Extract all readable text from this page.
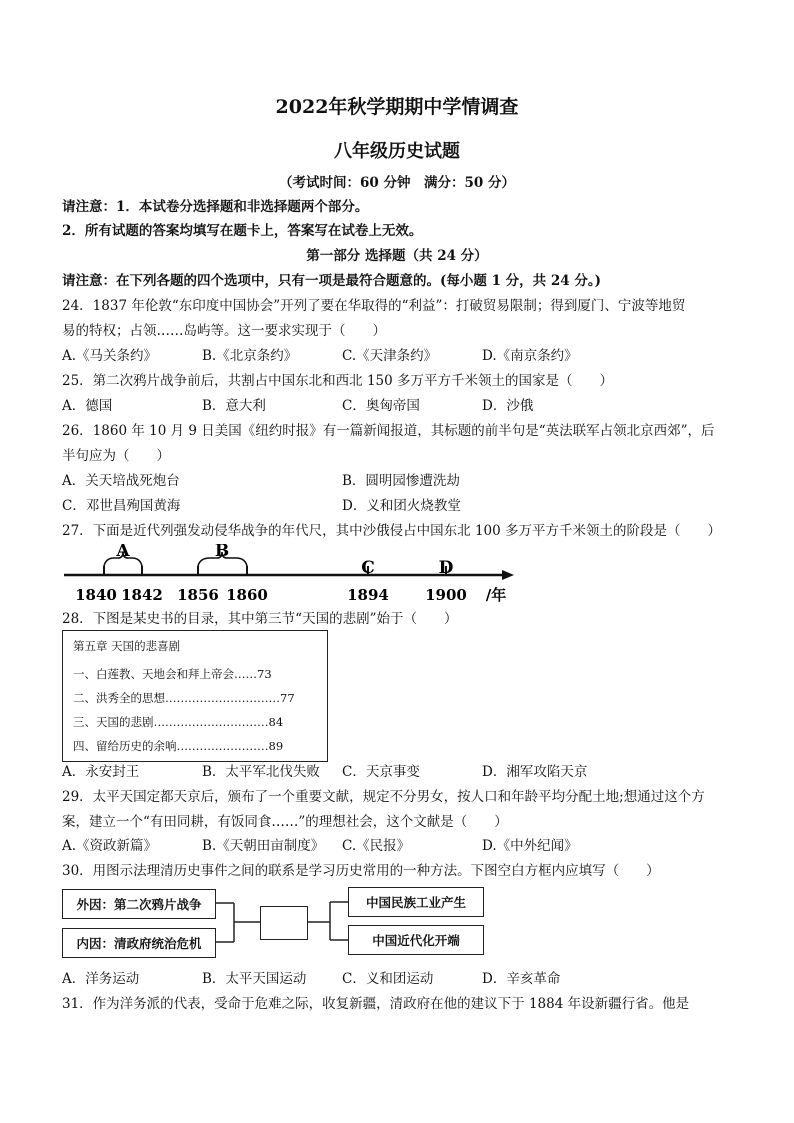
2022年秋学期期中学情调查
八年级历史试题
（考试时间：60 分钟　满分：50 分）
请注意：1．本试卷分选择题和非选择题两个部分。
2．所有试题的答案均填写在题卡上，答案写在试卷上无效。
第一部分 选择题（共 24 分）
请注意：在下列各题的四个选项中，只有一项是最符合题意的。(每小题 1 分，共 24 分。)
24．1837 年伦敦“东印度中国协会”开列了要在华取得的“利益”：打破贸易限制；得到厦门、宁波等地贸
易的特权；占领……岛屿等。这一要求实现于（　　）
A.《马关条约》	B.《北京条约》	C.《天津条约》	D.《南京条约》
25．第二次鸦片战争前后，共割占中国东北和西北 150 多万平方千米领土的国家是（　　）
A．德国	B．意大利	C．奥匈帝国	D．沙俄
26．1860 年 10 月 9 日美国《纽约时报》有一篇新闻报道，其标题的前半句是“英法联军占领北京西郊”，后
半句应为（　　）
A．关天培战死炮台	B．圆明园惨遭洗劫
C．邓世昌殉国黄海	D．义和团火烧教堂
27．下面是近代列强发动侵华战争的年代尺，其中沙俄侵占中国东北 100 多万平方千米领土的阶段是（　　）
A	B
C	D
1840 1842 1856 1860	1894 1900 /年
28．下图是某史书的目录，其中第三节“天国的悲剧”始于（　　）
第五章 天国的悲喜剧
一、白莲教、天地会和拜上帝会……73
二、洪秀全的思想…………………………77
三、天国的悲剧…………………………84
四、留给历史的余响……………………89
A．永安封王	B．太平军北伐失败 C．天京事变	D．湘军攻陷天京
29．太平天国定都天京后，颁布了一个重要文献，规定不分男女，按人口和年龄平均分配土地;想通过这个方
案，建立一个“有田同耕，有饭同食……”的理想社会，这个文献是（　　）
A.《资政新篇》	B.《天朝田亩制度》 C.《民报》	D.《中外纪闻》
30．用图示法理清历史事件之间的联系是学习历史常用的一种方法。下图空白方框内应填写（　　）
外因：第二次鸦片战争
内因：清政府统治危机
中国民族工业产生
中国近代化开端
A．洋务运动	B．太平天国运动	C．义和团运动	D．辛亥革命
31．作为洋务派的代表，受命于危难之际，收复新疆，清政府在他的建议下于 1884 年设新疆行省。他是
